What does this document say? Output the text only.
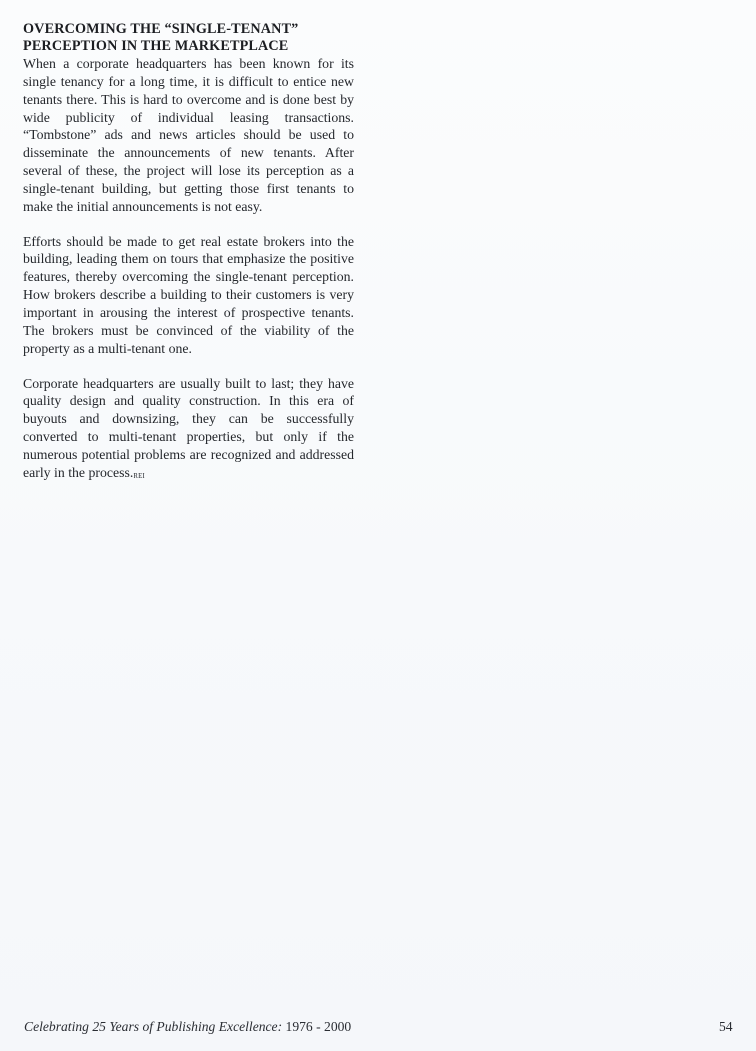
OVERCOMING THE “SINGLE-TENANT”
PERCEPTION IN THE MARKETPLACE

When a corporate headquarters has been known for its single tenancy for a long time, it is difficult to entice new tenants there. This is hard to overcome and is done best by wide publicity of individual leasing transactions. “Tombstone” ads and news articles should be used to disseminate the announcements of new tenants. After several of these, the project will lose its perception as a single-tenant building, but getting those first tenants to make the initial announcements is not easy.

Efforts should be made to get real estate brokers into the building, leading them on tours that emphasize the positive features, thereby overcoming the single-tenant perception. How brokers describe a building to their customers is very important in arousing the interest of prospective tenants. The brokers must be convinced of the viability of the property as a multi-tenant one.

Corporate headquarters are usually built to last; they have quality design and quality construction. In this era of buyouts and downsizing, they can be successfully converted to multi-tenant properties, but only if the numerous potential problems are recognized and addressed early in the process.REI

Celebrating 25 Years of Publishing Excellence: 1976 - 2000	54
